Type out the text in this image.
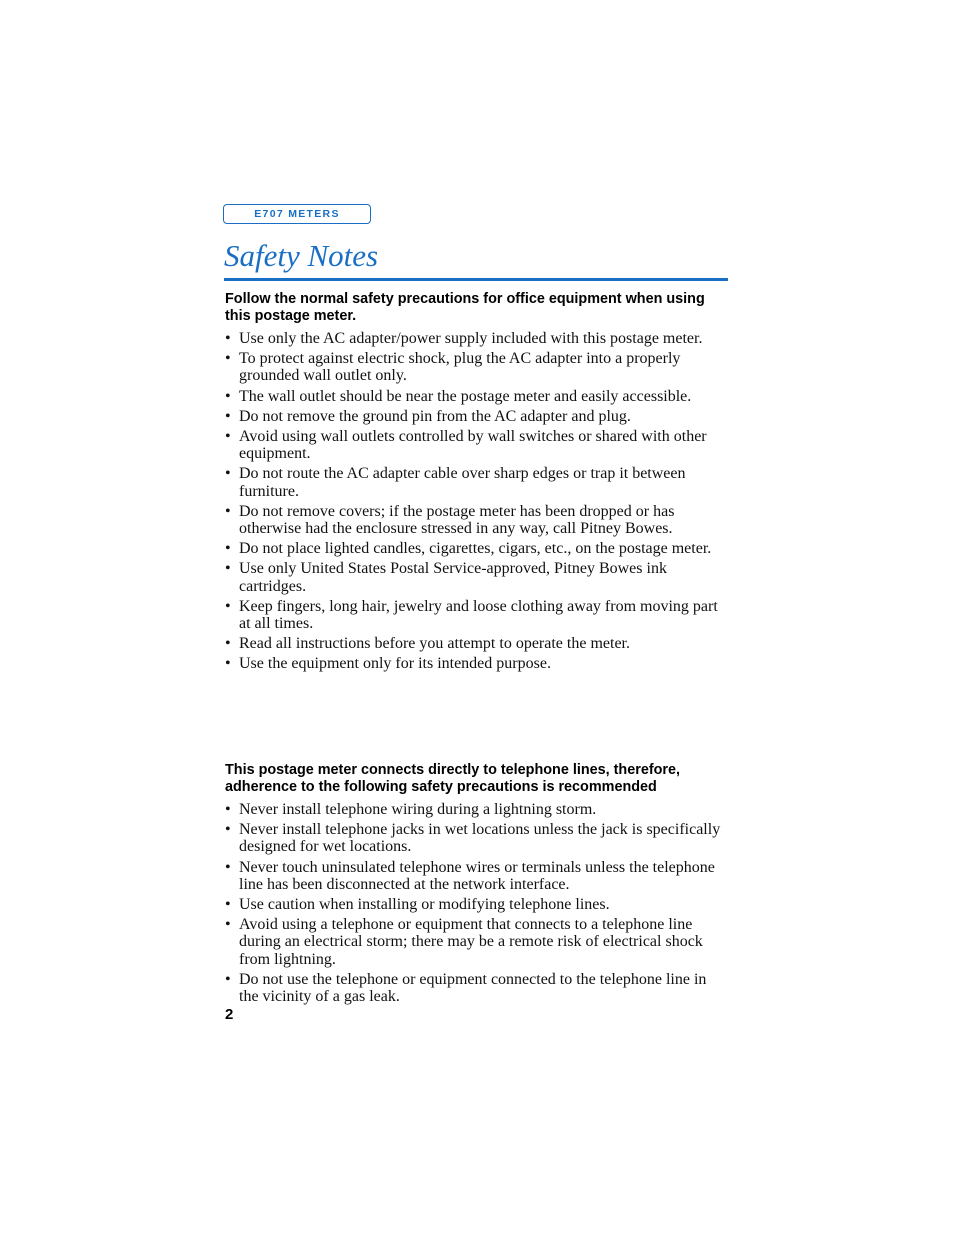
E707 METERS
Safety Notes

Follow the normal safety precautions for office equipment when using this postage meter.

• Use only the AC adapter/power supply included with this postage meter.
• To protect against electric shock, plug the AC adapter into a properly grounded wall outlet only.
• The wall outlet should be near the postage meter and easily accessible.
• Do not remove the ground pin from the AC adapter and plug.
• Avoid using wall outlets controlled by wall switches or shared with other equipment.
• Do not route the AC adapter cable over sharp edges or trap it between furniture.
• Do not remove covers; if the postage meter has been dropped or has otherwise had the enclosure stressed in any way, call Pitney Bowes.
• Do not place lighted candles, cigarettes, cigars, etc., on the postage meter.
• Use only United States Postal Service-approved, Pitney Bowes ink cartridges.
• Keep fingers, long hair, jewelry and loose clothing away from moving part at all times.
• Read all instructions before you attempt to operate the meter.
• Use the equipment only for its intended purpose.

This postage meter connects directly to telephone lines, therefore, adherence to the following safety precautions is recommended

• Never install telephone wiring during a lightning storm.
• Never install telephone jacks in wet locations unless the jack is specifically designed for wet locations.
• Never touch uninsulated telephone wires or terminals unless the telephone line has been disconnected at the network interface.
• Use caution when installing or modifying telephone lines.
• Avoid using a telephone or equipment that connects to a telephone line during an electrical storm; there may be a remote risk of electrical shock from lightning.
• Do not use the telephone or equipment connected to the telephone line in the vicinity of a gas leak.
2
